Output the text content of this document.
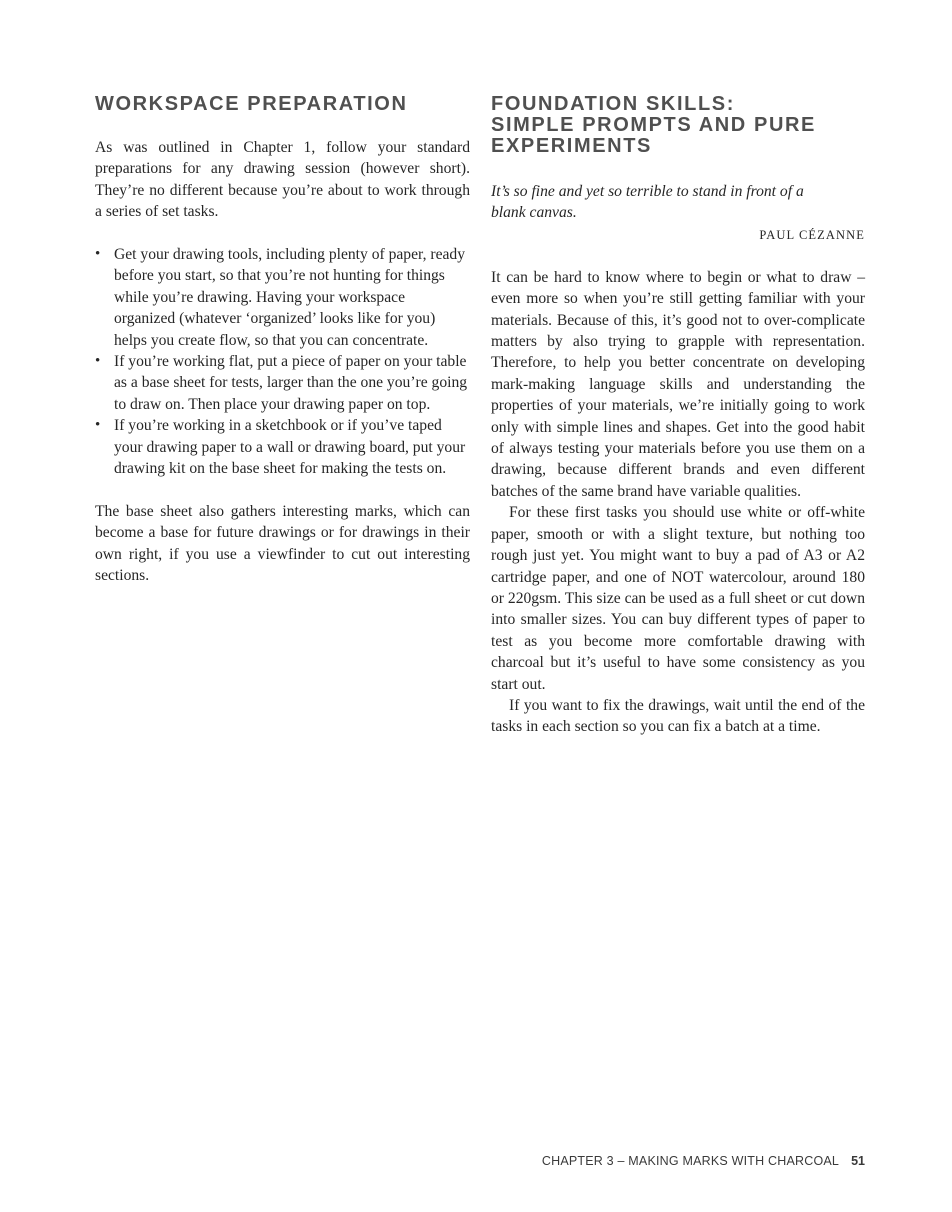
WORKSPACE PREPARATION

As was outlined in Chapter 1, follow your standard preparations for any drawing session (however short). They’re no different because you’re about to work through a series of set tasks.

• Get your drawing tools, including plenty of paper, ready before you start, so that you’re not hunting for things while you’re drawing. Having your workspace organized (whatever ‘organized’ looks like for you) helps you create flow, so that you can concentrate.
• If you’re working flat, put a piece of paper on your table as a base sheet for tests, larger than the one you’re going to draw on. Then place your drawing paper on top.
• If you’re working in a sketchbook or if you’ve taped your drawing paper to a wall or drawing board, put your drawing kit on the base sheet for making the tests on.

The base sheet also gathers interesting marks, which can become a base for future drawings or for drawings in their own right, if you use a viewfinder to cut out interesting sections.

FOUNDATION SKILLS:
SIMPLE PROMPTS AND PURE
EXPERIMENTS
It’s so fine and yet so terrible to stand in front of a blank canvas.
PAUL CÉZANNE

It can be hard to know where to begin or what to draw – even more so when you’re still getting familiar with your materials. Because of this, it’s good not to over-complicate matters by also trying to grapple with representation. Therefore, to help you better concentrate on developing mark-making language skills and understanding the properties of your materials, we’re initially going to work only with simple lines and shapes. Get into the good habit of always testing your materials before you use them on a drawing, because different brands and even different batches of the same brand have variable qualities.

For these first tasks you should use white or off-white paper, smooth or with a slight texture, but nothing too rough just yet. You might want to buy a pad of A3 or A2 cartridge paper, and one of NOT watercolour, around 180 or 220gsm. This size can be used as a full sheet or cut down into smaller sizes. You can buy different types of paper to test as you become more comfortable drawing with charcoal but it’s useful to have some consistency as you start out.

If you want to fix the drawings, wait until the end of the tasks in each section so you can fix a batch at a time.

CHAPTER 3 – MAKING MARKS WITH CHARCOAL 51
